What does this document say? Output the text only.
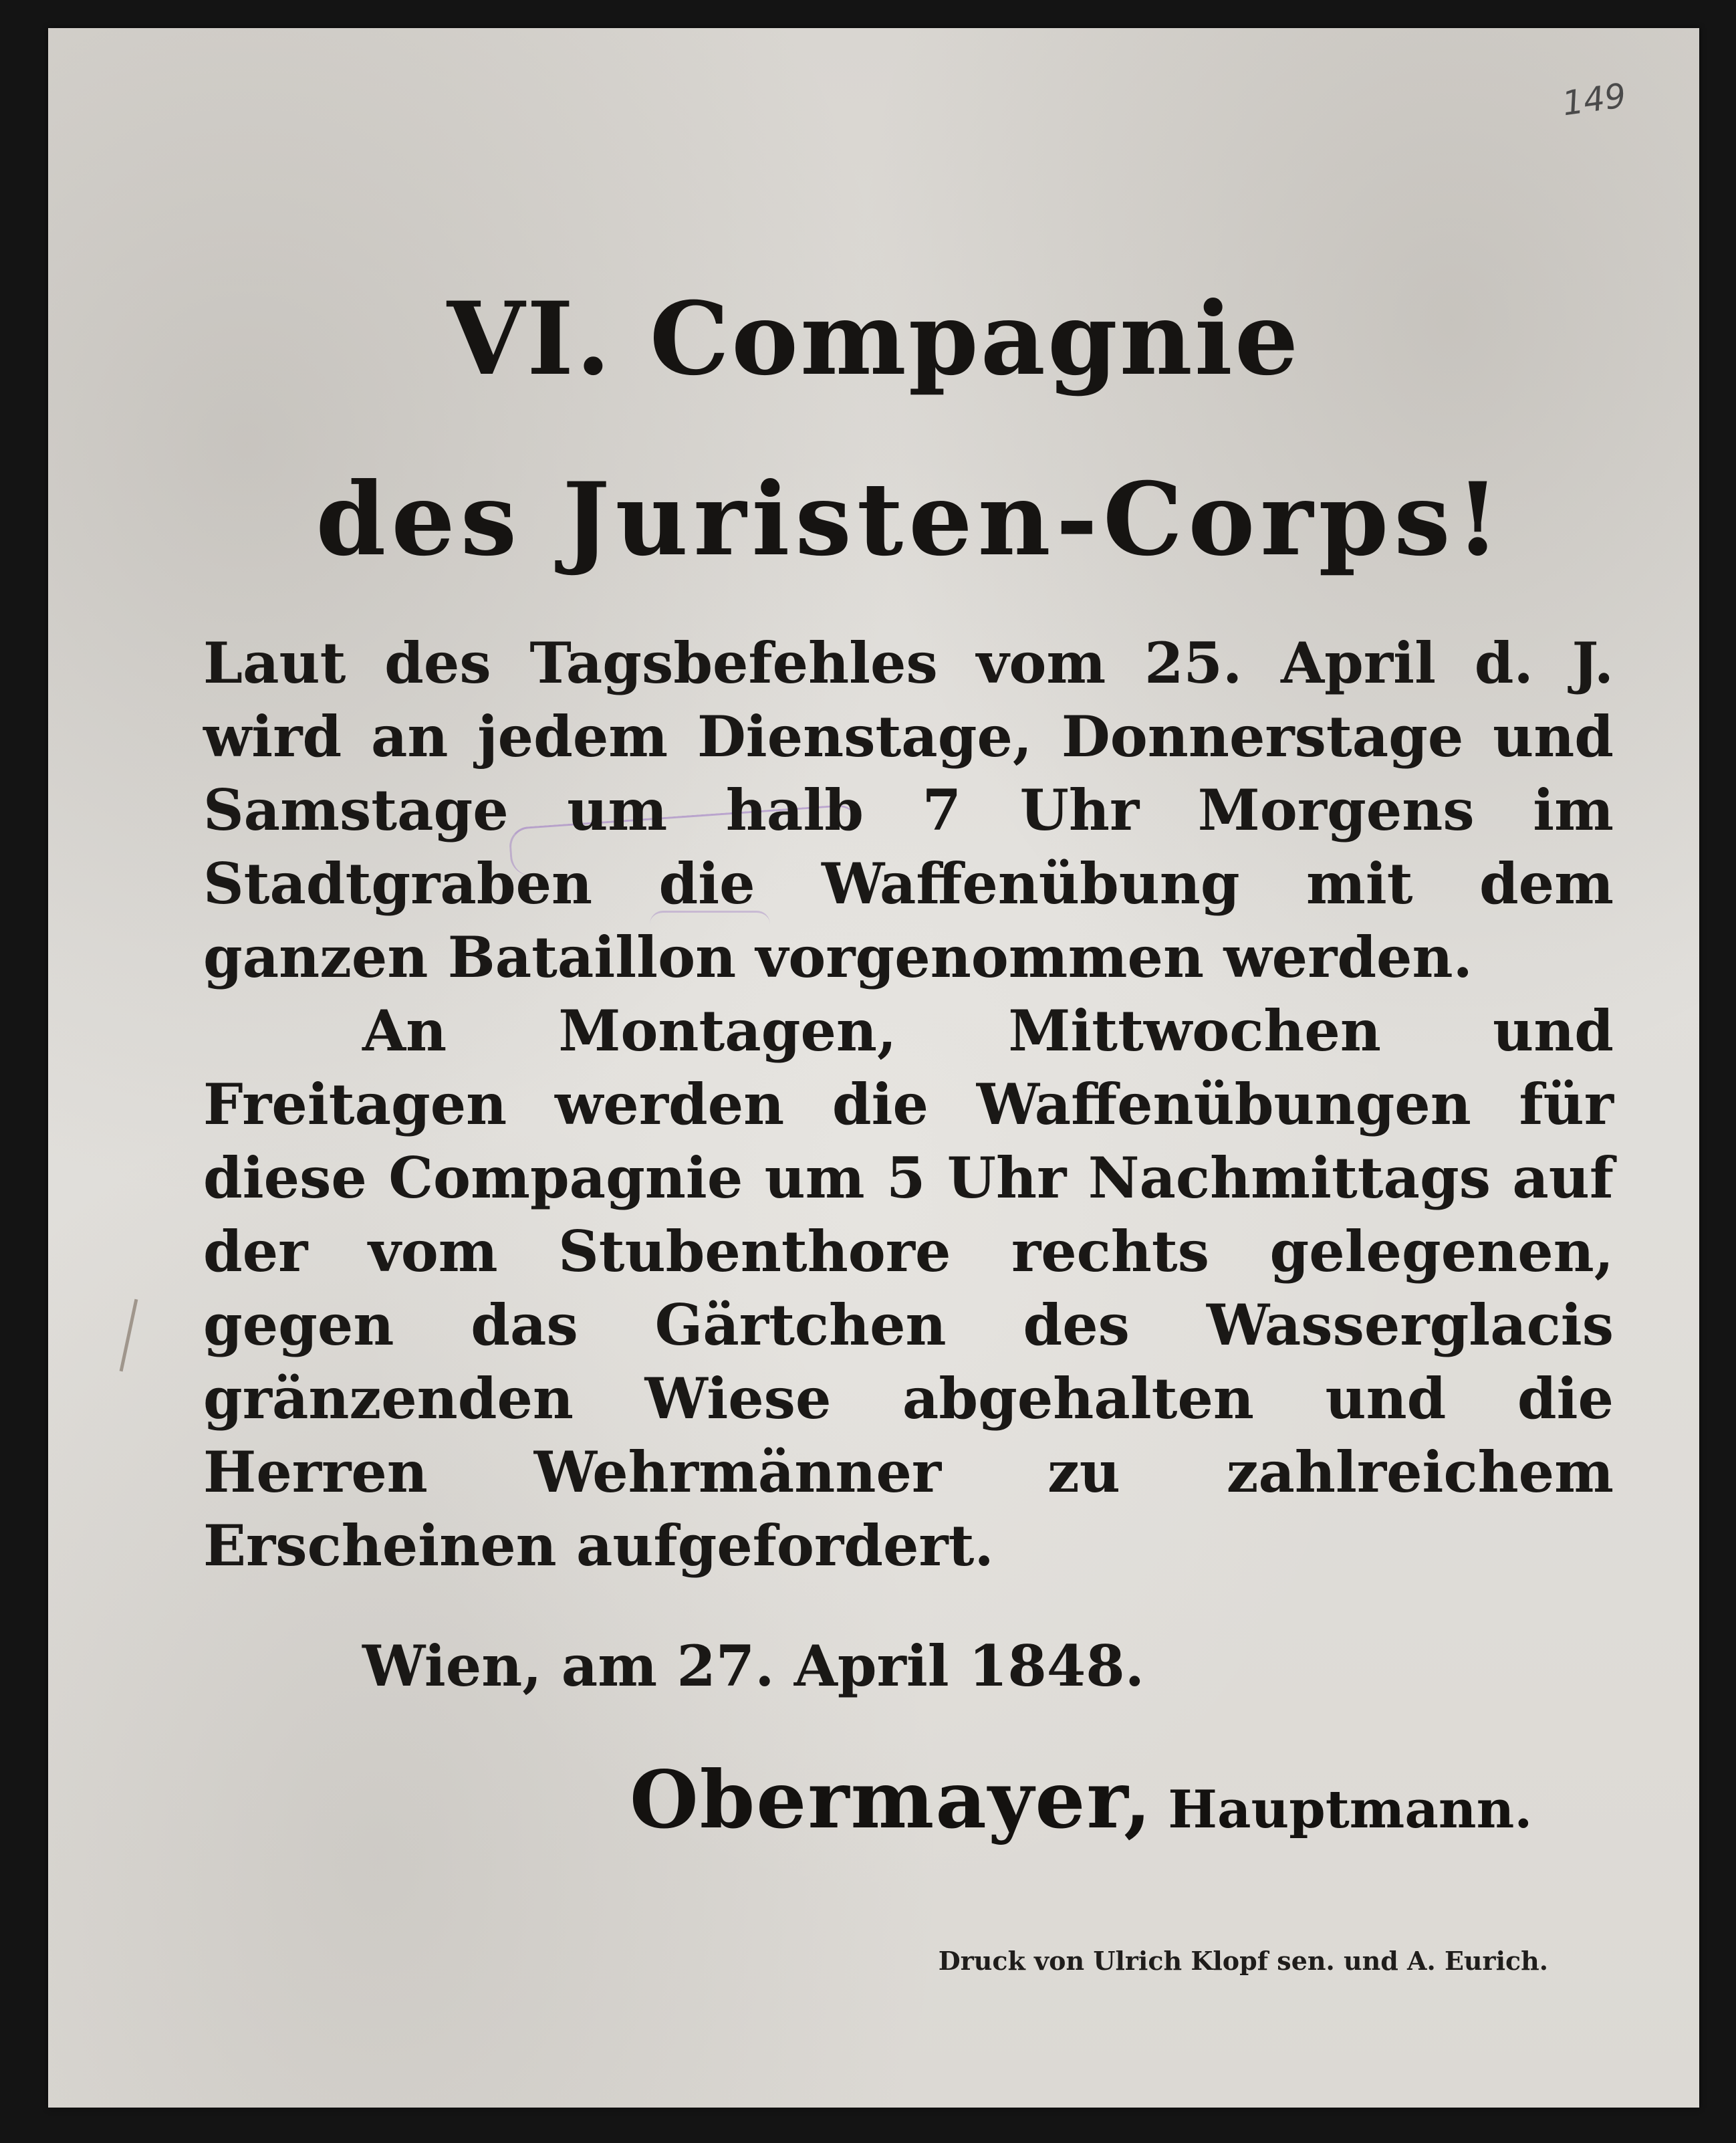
149
VI. Compagnie
des Juristen-Corps!

Laut des Tagsbefehles vom 25. April d. J. wird an jedem Dienstage, Donnerstage und Samstage um halb 7 Uhr Morgens im Stadtgraben die Waffenübung mit dem ganzen Bataillon vorgenommen werden.

An Montagen, Mittwochen und Freitagen werden die Waffenübungen für diese Compagnie um 5 Uhr Nachmittags auf der vom Stubenthore rechts gelegenen, gegen das Gärtchen des Wasserglacis gränzenden Wiese abgehalten und die Herren Wehrmänner zu zahlreichem Erscheinen aufgefordert.

Wien, am 27. April 1848.
Obermayer, Hauptmann.
Druck von Ulrich Klopf sen. und A. Eurich.
